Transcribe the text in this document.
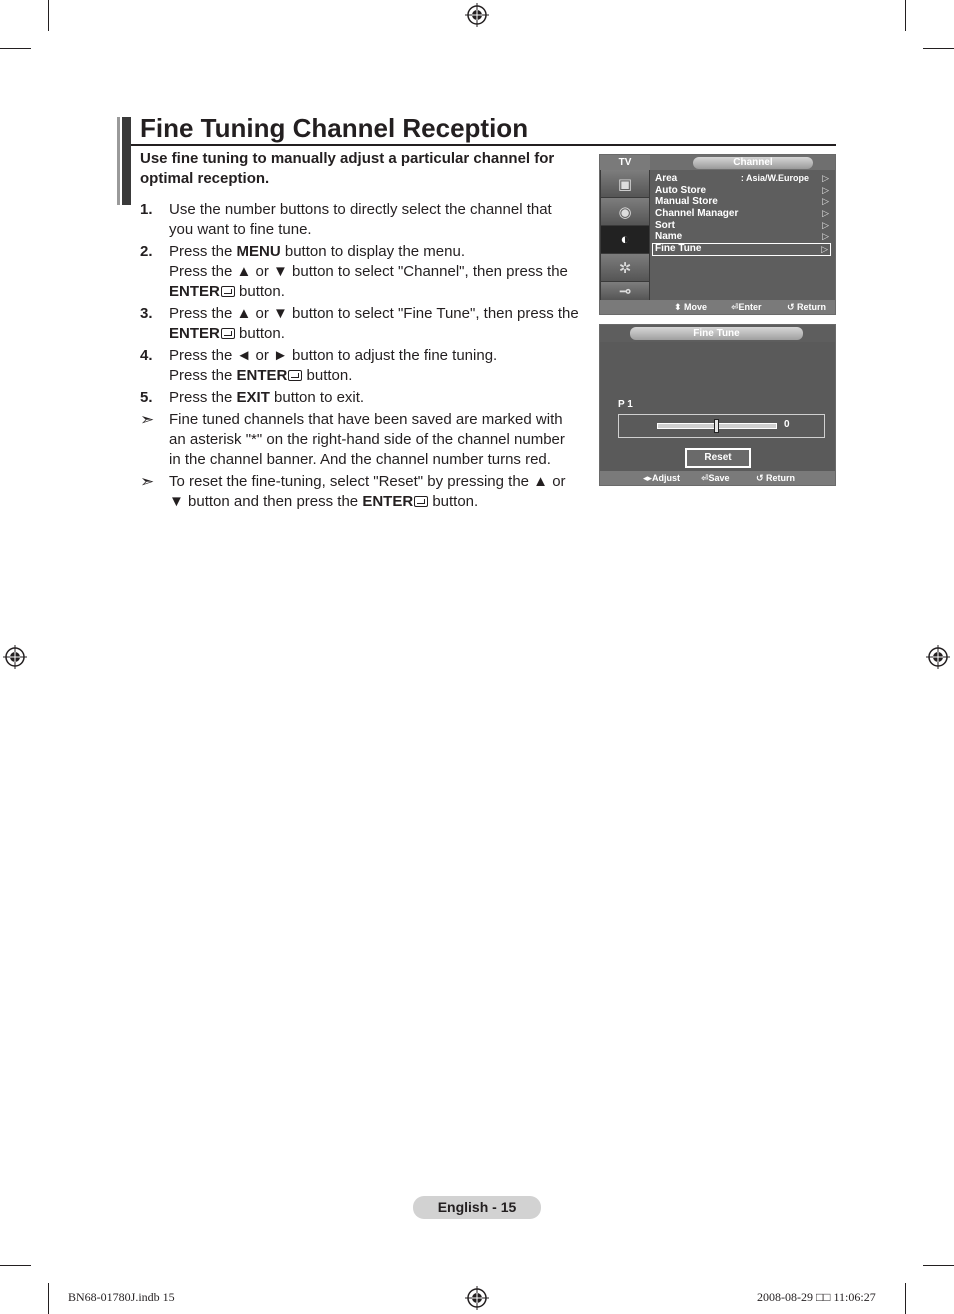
Fine Tuning Channel Reception

Use fine tuning to manually adjust a particular channel for optimal reception.

1. Use the number buttons to directly select the channel that you want to fine tune.
2. Press the MENU button to display the menu.
Press the ▲ or ▼ button to select "Channel", then press the ENTER button.
3. Press the ▲ or ▼ button to select "Fine Tune", then press the ENTER button.
4. Press the ◄ or ► button to adjust the fine tuning.
Press the ENTER button.
5. Press the EXIT button to exit.
➣ Fine tuned channels that have been saved are marked with an asterisk "*" on the right-hand side of the channel number in the channel banner. And the channel number turns red.
➣ To reset the fine-tuning, select "Reset" by pressing the ▲ or ▼ button and then press the ENTER button.
TV	Channel
▣
◉
◐
✲
⊸
Area	: Asia/W.Europe ▷
Auto Store	▷
Manual Store	▷
Channel Manager	▷
Sort	▷
Name	▷
Fine Tune	▷
⬍ Move	⏎Enter	↺ Return
Fine Tune
P 1
0
Reset
◂▸Adjust ⏎Save	↺ Return
English - 15
BN68-01780J.indb 15	2008-08-29 □□ 11:06:27
